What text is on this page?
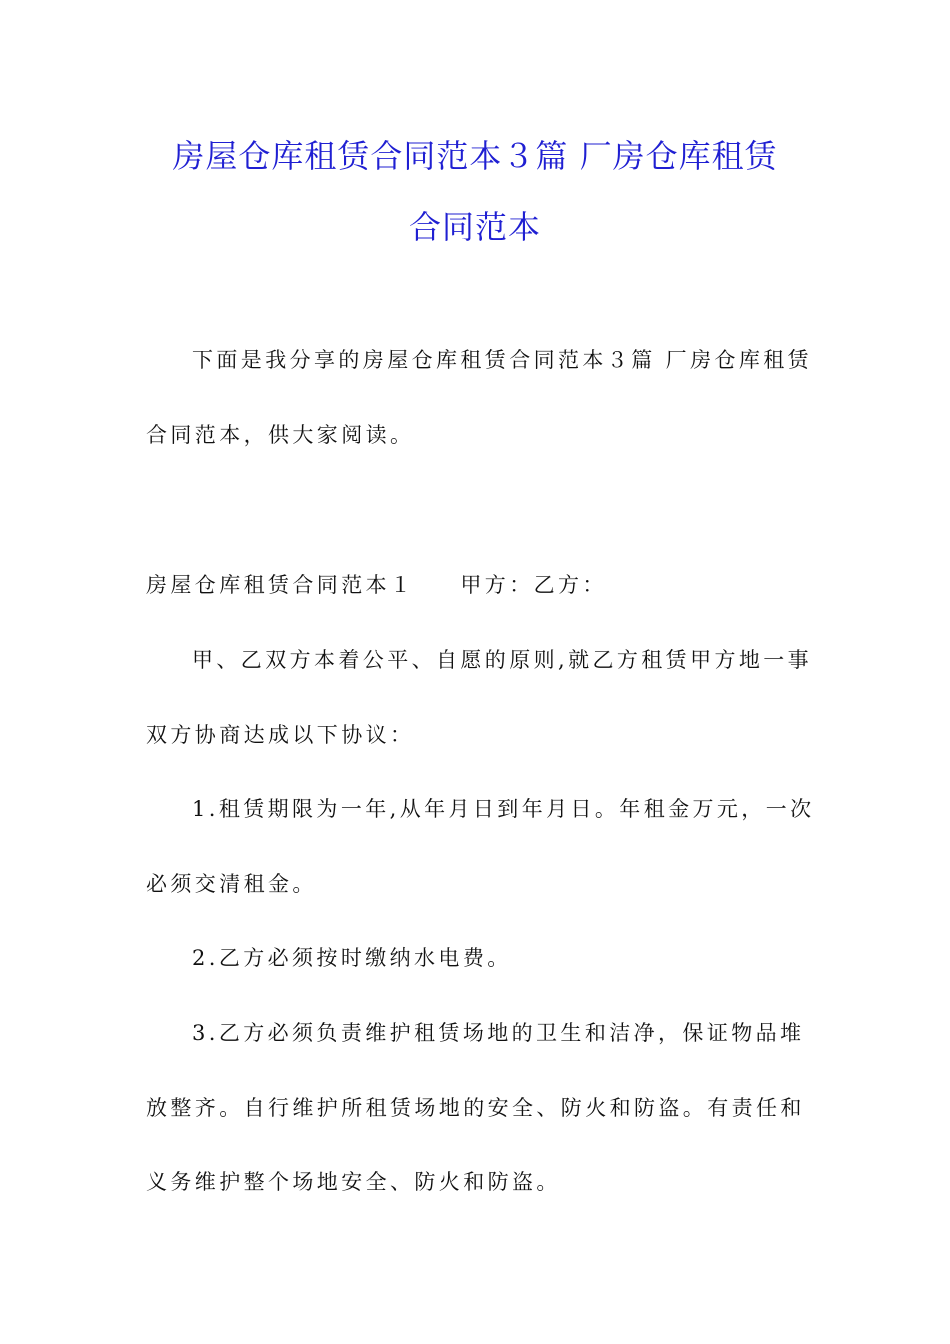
房屋仓库租赁合同范本３篇 厂房仓库租赁
合同范本
下面是我分享的房屋仓库租赁合同范本３篇 厂房仓库租赁
合同范本，供大家阅读。
房屋仓库租赁合同范本１ 甲方：乙方：
甲、乙双方本着公平、自愿的原则,就乙方租赁甲方地一事
双方协商达成以下协议：
1.租赁期限为一年,从年月日到年月日。年租金万元，一次
必须交清租金。
2.乙方必须按时缴纳水电费。
3.乙方必须负责维护租赁场地的卫生和洁净，保证物品堆
放整齐。自行维护所租赁场地的安全、防火和防盗。有责任和
义务维护整个场地安全、防火和防盗。
